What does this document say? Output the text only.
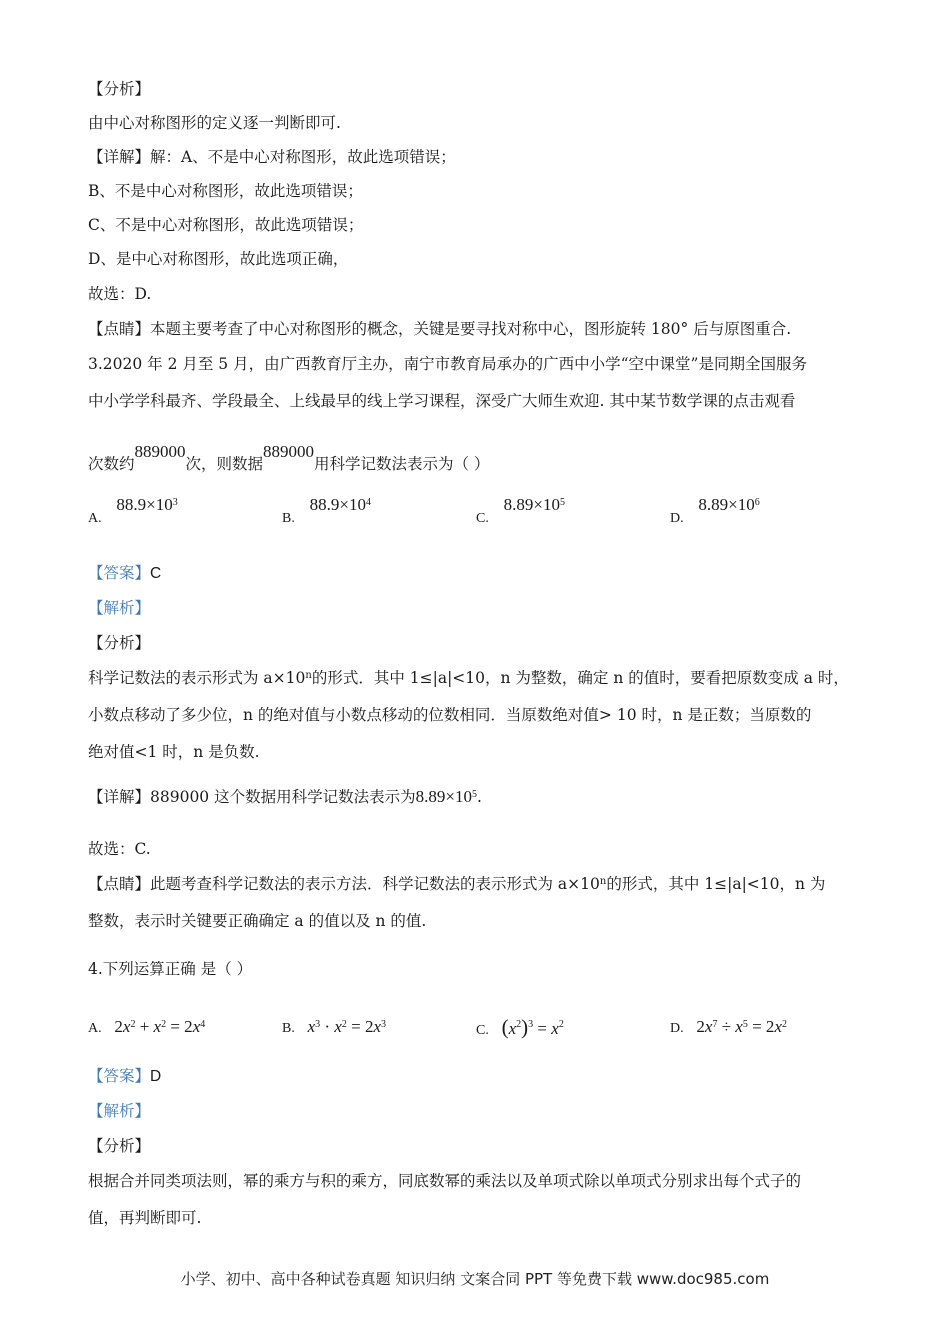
【分析】
由中心对称图形的定义逐一判断即可.
【详解】解：A、不是中心对称图形，故此选项错误；
B、不是中心对称图形，故此选项错误；
C、不是中心对称图形，故此选项错误；
D、是中心对称图形，故此选项正确，
故选：D.
【点睛】本题主要考查了中心对称图形的概念，关键是要寻找对称中心，图形旋转 180° 后与原图重合.
3.2020 年 2 月至 5 月，由广西教育厅主办，南宁市教育局承办的广西中小学“空中课堂”是同期全国服务
中小学学科最齐、学段最全、上线最早的线上学习课程，深受广大师生欢迎. 其中某节数学课的点击观看
次数约889000次，则数据889000用科学记数法表示为（ ）
A. $88.9\times 10^3$
B. $88.9\times 10^4$
C. $8.89\times 10^5$
D. $8.89\times 10^6$
【答案】C
【解析】
【分析】
科学记数法的表示形式为 $a\times 10^n$的形式．其中 1≤|a|<10，n 为整数，确定 n 的值时，要看把原数变成 a 时，
小数点移动了多少位，n 的绝对值与小数点移动的位数相同．当原数绝对值> 10 时，n 是正数；当原数的
绝对值<1 时，n 是负数.
【详解】889000 这个数据用科学记数法表示为$8.89\times 10^5$.
故选：C.
【点睛】此题考查科学记数法的表示方法．科学记数法的表示形式为 $a\times 10^n$的形式，其中 1≤|a|<10，n 为
整数，表示时关键要正确确定 a 的值以及 n 的值.
4.下列运算正确 是（ ）
A. $2x^2 + x^2 = 2x^4$	B. $x^3 \cdot x^2 = 2x^3$	C. $(x^2)^3 = x^2$	D. $2x^7 \div x^5 = 2x^2$
【答案】D
【解析】
【分析】
根据合并同类项法则，幂的乘方与积的乘方，同底数幂的乘法以及单项式除以单项式分别求出每个式子的
值，再判断即可.
小学、初中、高中各种试卷真题 知识归纳 文案合同 PPT 等免费下载 www.doc985.com
